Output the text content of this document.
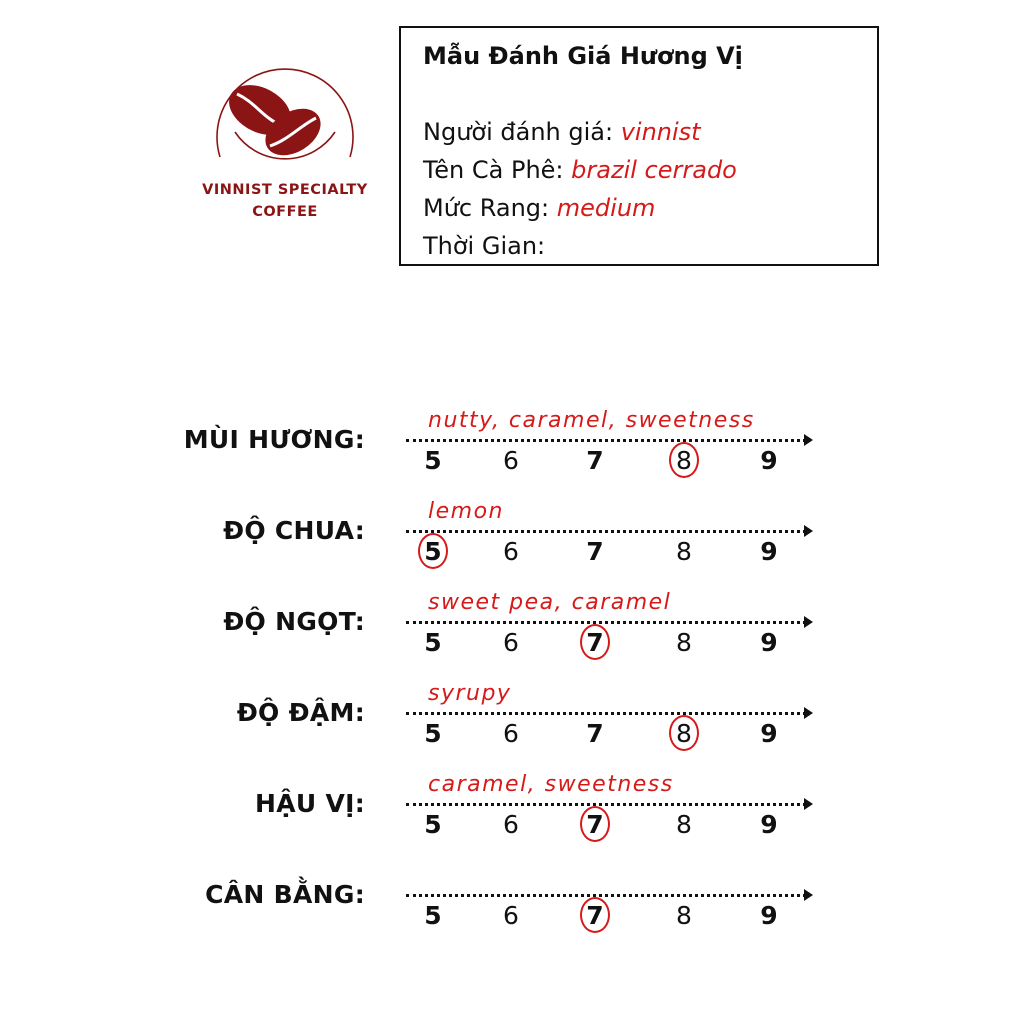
VINNIST SPECIALTY
COFFEE
Mẫu Đánh Giá Hương Vị
Người đánh giá: vinnist
Tên Cà Phê: brazil cerrado
Mức Rang: medium
Thời Gian:
MÙI HƯƠNG:
nutty, caramel, sweetness
5 6	7	8	9
ĐỘ CHUA:
lemon
5 6	7	8	9
ĐỘ NGỌT:
sweet pea, caramel
5 6	7	8	9
ĐỘ ĐẬM:
syrupy
5 6	7	8	9
HẬU VỊ:
caramel, sweetness
5 6	7	8	9
CÂN BẰNG:
5 6	7	8	9
